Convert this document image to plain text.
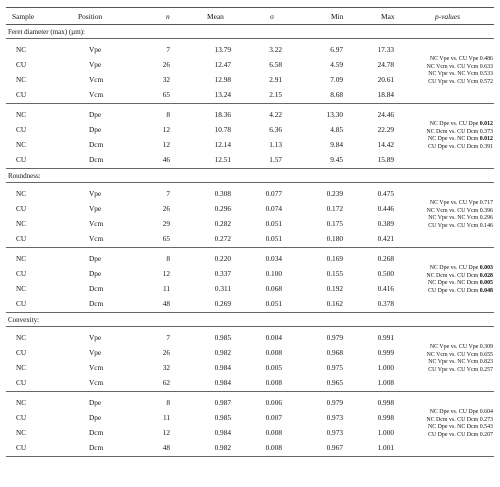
Sample	Position	n	Mean	σ	Min	Max	p-values
Feret diameter (max) (µm):
NC	Vpe	7	13.79	3.22	6.97	17.33
CU	Vpe	26	12.47	6.58	4.59	24.78
NC	Vcm	32	12.98	2.91	7.09	20.61
CU	Vcm	65	13.24	2.15	8.68	18.84
NC Vpe vs. CU Vpe 0.486
NC Vcm vs. CU Vcm 0.633
NC Vpe vs. NC Vcm 0.533
CU Vpe vs. CU Vcm 0.572
NC	Dpe	8	18.36	4.22	13.30	24.46
CU	Dpe	12	10.78	6.36	4.85	22.29
NC	Dcm	12	12.14	1.13	9.84	14.42
CU	Dcm	46	12.51	1.57	9.45	15.89
NC Dpe vs. CU Dpe 0.012
NC Dcm vs. CU Dcm 0.373
NC Dpe vs. NC Dcm 0.012
CU Dpe vs. CU Dcm 0.391
Roundness:
NC	Vpe	7	0.308	0.077	0.239	0.475
CU	Vpe	26	0.296	0.074	0.172	0.446
NC	Vcm	29	0.282	0.051	0.175	0.389
CU	Vcm	65	0.272	0.051	0.180	0.421
NC Vpe vs. CU Vpe 0.717
NC Vcm vs. CU Vcm 0.396
NC Vpe vs. NC Vcm 0.296
CU Vpe vs. CU Vcm 0.146
NC	Dpe	8	0.220	0.034	0.169	0.268
CU	Dpe	12	0.337	0.100	0.155	0.500
NC	Dcm	11	0.311	0.068	0.192	0.416
CU	Dcm	48	0.269	0.051	0.162	0.378
NC Dpe vs. CU Dpe 0.003
NC Dcm vs. CU Dcm 0.028
NC Dpe vs. NC Dcm 0.005
CU Dpe vs. CU Dcm 0.048
Convexity:
NC	Vpe	7	0.985	0.004	0.979	0.991
CU	Vpe	26	0.982	0.008	0.968	0.999
NC	Vcm	32	0.984	0.005	0.975	1.000
CU	Vcm	62	0.984	0.008	0.965	1.008
NC Vpe vs. CU Vpe 0.309
NC Vcm vs. CU Vcm 0.655
NC Vpe vs. NC Vcm 0.823
CU Vpe vs. CU Vcm 0.257
NC	Dpe	8	0.987	0.006	0.979	0.998
CU	Dpe	11	0.985	0.007	0.973	0.998
NC	Dcm	12	0.984	0.008	0.973	1.000
CU	Dcm	48	0.982	0.008	0.967	1.001
NC Dpe vs. CU Dpe 0.604
NC Dcm vs. CU Dcm 0.273
NC Dpe vs. NC Dcm 0.543
CU Dpe vs. CU Dcm 0.207
